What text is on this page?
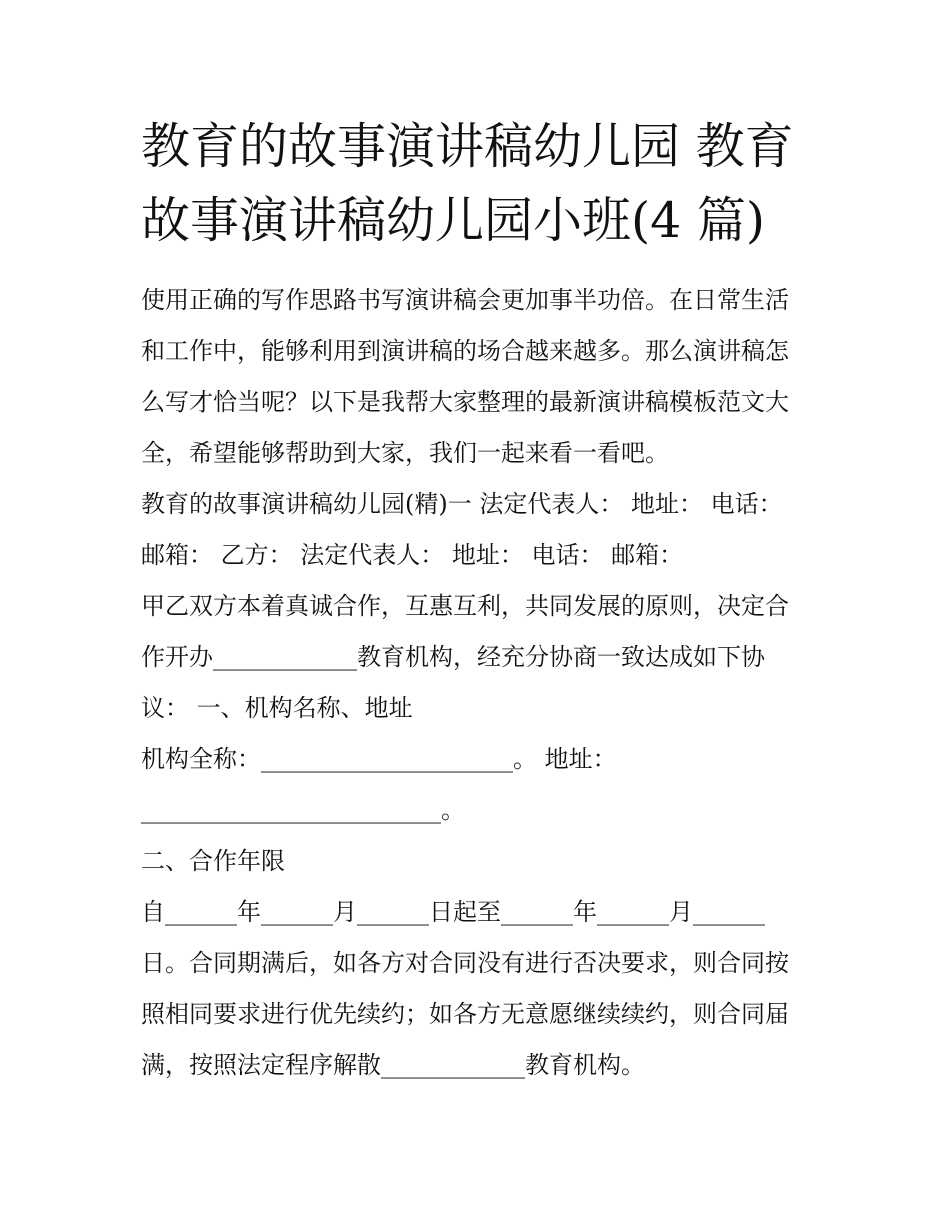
教育的故事演讲稿幼儿园 教育
故事演讲稿幼儿园小班(4 篇)
使用正确的写作思路书写演讲稿会更加事半功倍。在日常生活
和工作中，能够利用到演讲稿的场合越来越多。那么演讲稿怎
么写才恰当呢？以下是我帮大家整理的最新演讲稿模板范文大
全，希望能够帮助到大家，我们一起来看一看吧。
教育的故事演讲稿幼儿园(精)一 法定代表人： 地址： 电话：
邮箱： 乙方： 法定代表人： 地址： 电话： 邮箱：
甲乙双方本着真诚合作，互惠互利，共同发展的原则，决定合
作开办____________教育机构，经充分协商一致达成如下协
议： 一、机构名称、地址
机构全称：_____________________。 地址：
_________________________。
二、合作年限
自______年______月______日起至______年______月______
日。合同期满后，如各方对合同没有进行否决要求，则合同按
照相同要求进行优先续约；如各方无意愿继续续约，则合同届
满，按照法定程序解散____________教育机构。
